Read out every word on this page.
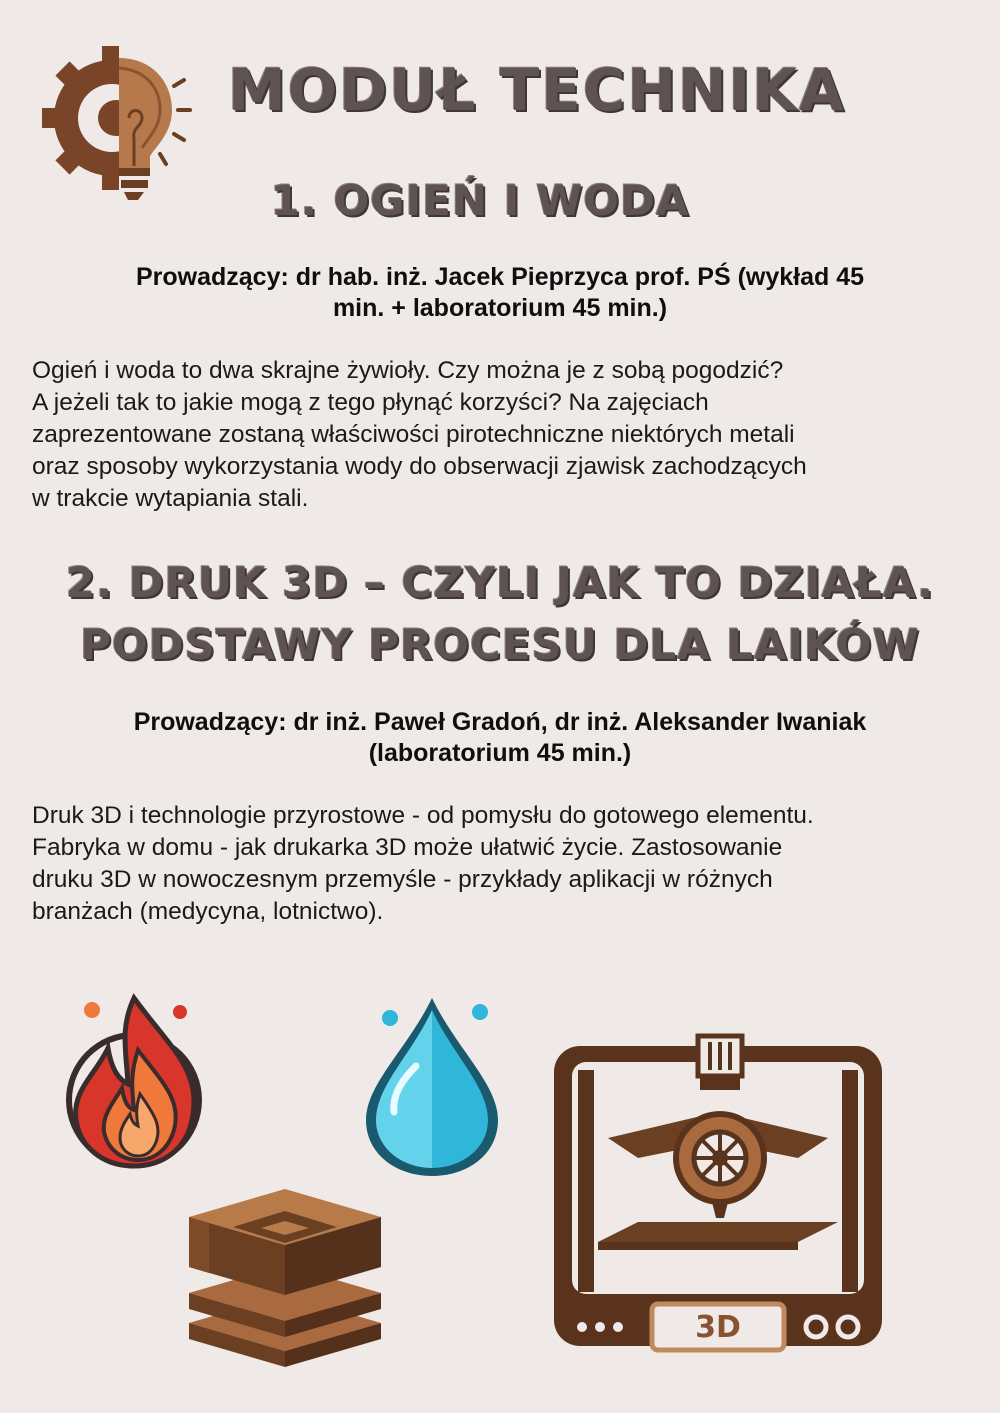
MODUŁ TECHNIKA
1. OGIEŃ I WODA
Prowadzący: dr hab. inż. Jacek Pieprzyca prof. PŚ (wykład 45
min. + laboratorium 45 min.)
Ogień i woda to dwa skrajne żywioły. Czy można je z sobą pogodzić?
A jeżeli tak to jakie mogą z tego płynąć korzyści? Na zajęciach
zaprezentowane zostaną właściwości pirotechniczne niektórych metali
oraz sposoby wykorzystania wody do obserwacji zjawisk zachodzących
w trakcie wytapiania stali.
2. DRUK 3D – CZYLI JAK TO DZIAŁA.
PODSTAWY PROCESU DLA LAIKÓW
Prowadzący: dr inż. Paweł Gradoń, dr inż. Aleksander Iwaniak
(laboratorium 45 min.)
Druk 3D i technologie przyrostowe - od pomysłu do gotowego elementu.
Fabryka w domu - jak drukarka 3D może ułatwić życie. Zastosowanie
druku 3D w nowoczesnym przemyśle - przykłady aplikacji w różnych
branżach (medycyna, lotnictwo).
3D
